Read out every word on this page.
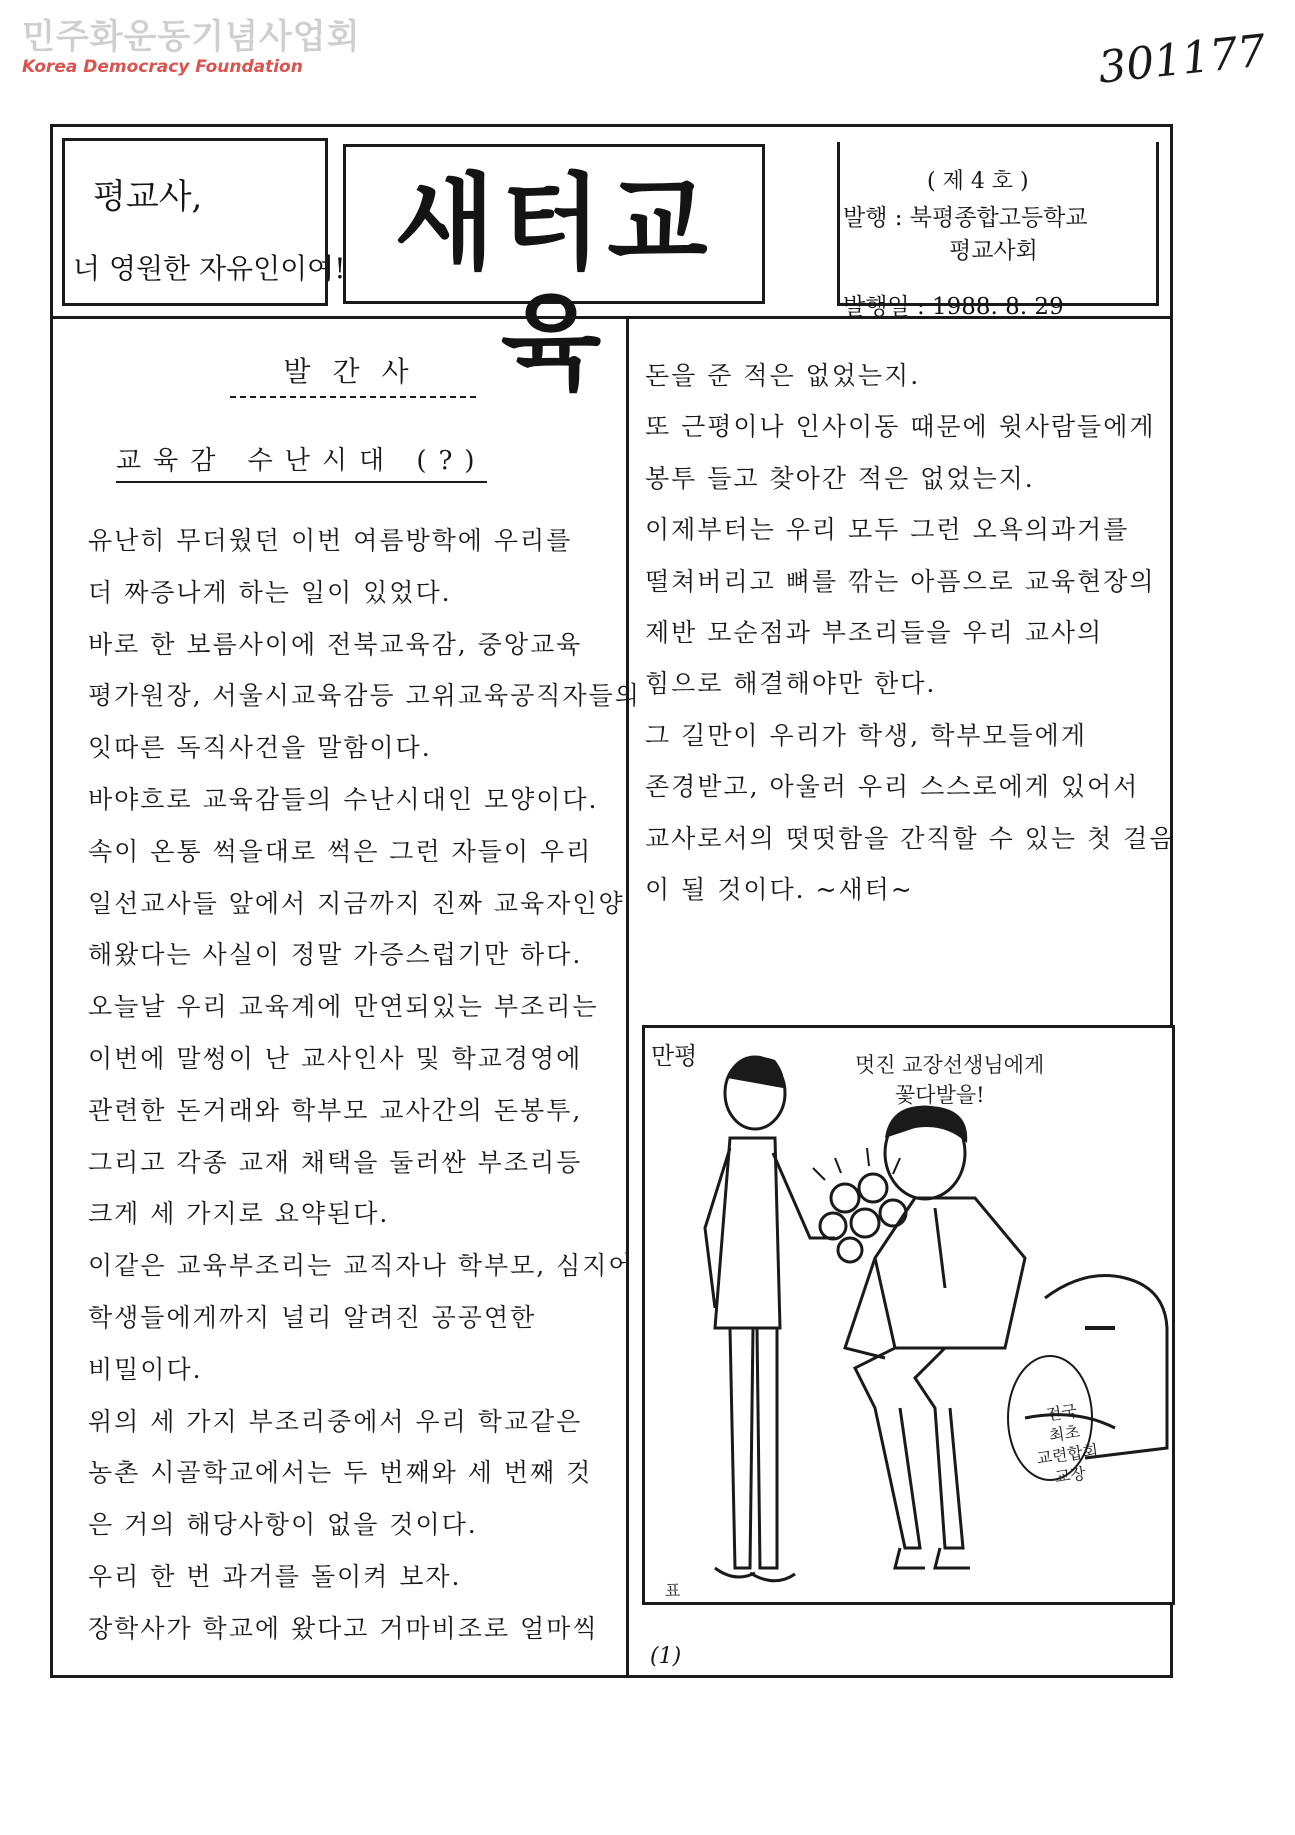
민주화운동기념사업회
Korea Democracy Foundation	301177
평교사,
너 영원한 자유인이여! 새터교육
( 제 4 호 )
발행 : 북평종합고등학교
평교사회
발행일 : 1988. 8. 29
발간사
교육감 수난시대 (?)
유난히 무더웠던 이번 여름방학에 우리를
더 짜증나게 하는 일이 있었다.
바로 한 보름사이에 전북교육감, 중앙교육
평가원장, 서울시교육감등 고위교육공직자들의
잇따른 독직사건을 말함이다.
바야흐로 교육감들의 수난시대인 모양이다.
속이 온통 썩을대로 썩은 그런 자들이 우리
일선교사들 앞에서 지금까지 진짜 교육자인양
해왔다는 사실이 정말 가증스럽기만 하다.
오늘날 우리 교육계에 만연되있는 부조리는
이번에 말썽이 난 교사인사 및 학교경영에
관련한 돈거래와 학부모 교사간의 돈봉투,
그리고 각종 교재 채택을 둘러싼 부조리등
크게 세 가지로 요약된다.
이같은 교육부조리는 교직자나 학부모, 심지어
학생들에게까지 널리 알려진 공공연한
비밀이다.
위의 세 가지 부조리중에서 우리 학교같은
농촌 시골학교에서는 두 번째와 세 번째 것
은 거의 해당사항이 없을 것이다.
우리 한 번 과거를 돌이켜 보자.
장학사가 학교에 왔다고 거마비조로 얼마씩
돈을 준 적은 없었는지.
또 근평이나 인사이동 때문에 윗사람들에게
봉투 들고 찾아간 적은 없었는지.
이제부터는 우리 모두 그런 오욕의과거를
떨쳐버리고 뼈를 깎는 아픔으로 교육현장의
제반 모순점과 부조리들을 우리 교사의
힘으로 해결해야만 한다.
그 길만이 우리가 학생, 학부모들에게
존경받고, 아울러 우리 스스로에게 있어서
교사로서의 떳떳함을 간직할 수 있는 첫 걸음
이 될 것이다. ~새터~
만평	멋진 교장선생님에게
꽃다발을!
전국
최초
교련합회
교장
표
(1)
